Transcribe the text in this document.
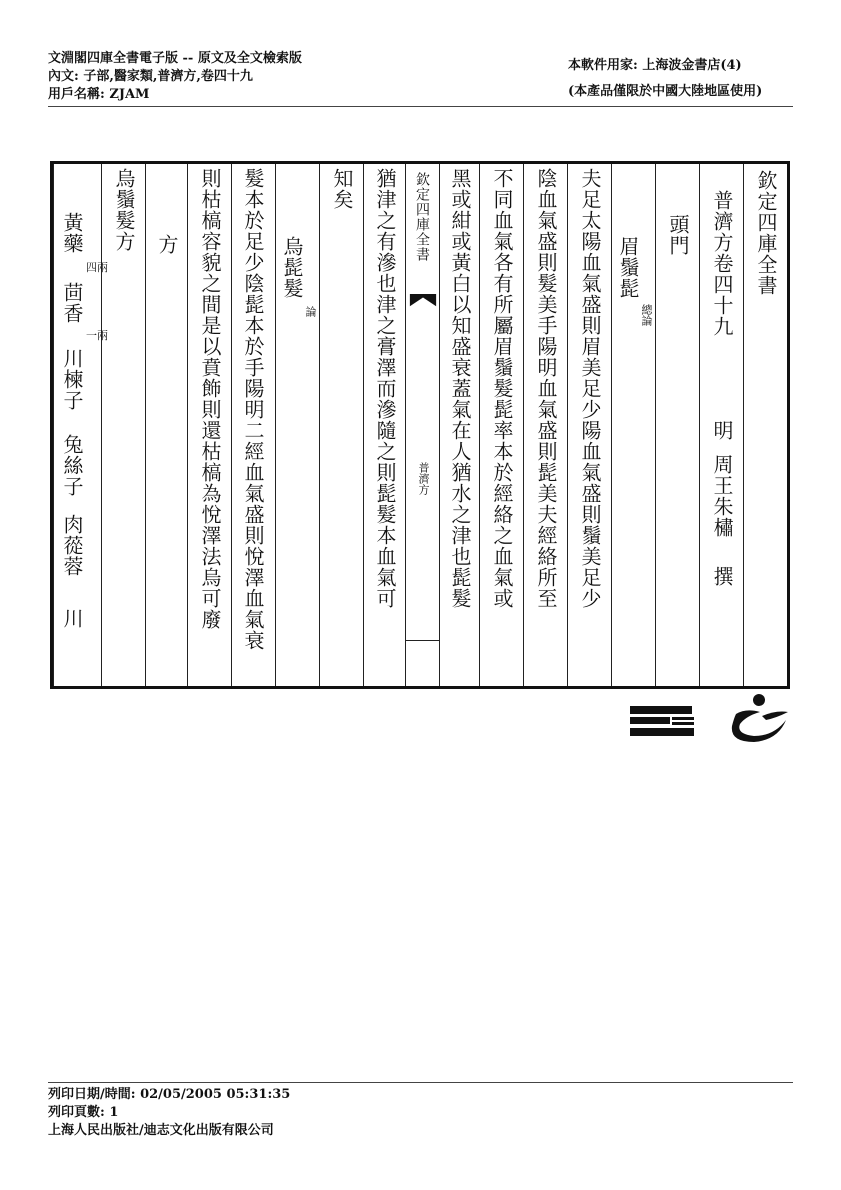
文淵閣四庫全書電子版 -- 原文及全文檢索版
內文: 子部,醫家類,普濟方,卷四十九
用戶名稱: ZJAM
本軟件用家: 上海波金書店(4)
(本產品僅限於中國大陸地區使用)
欽定四庫全書
普濟方卷四十九
明
周王朱橚
撰
頭門
眉鬚髭
總論
夫足太陽血氣盛則眉美足少陽血氣盛則鬚美足少
陰血氣盛則髮美手陽明血氣盛則髭美夫經絡所至
不同血氣各有所屬眉鬚髮髭率本於經絡之血氣或
黑或紺或黃白以知盛衰蓋氣在人猶水之津也髭髮
欽定四庫全書
普濟方
猶津之有滲也津之膏澤而滲隨之則髭髮本血氣可
知矣
烏髭髮
論
髮本於足少陰髭本於手陽明二經血氣盛則悅澤血氣衰
則枯槁容貌之間是以賁飾則還枯槁為悅澤法烏可廢
方
烏鬚髮方
黃藥
四兩
茴香
一兩
川楝子
兔絲子
肉蓯蓉
川
列印日期/時間: 02/05/2005 05:31:35
列印頁數: 1
上海人民出版社/迪志文化出版有限公司
